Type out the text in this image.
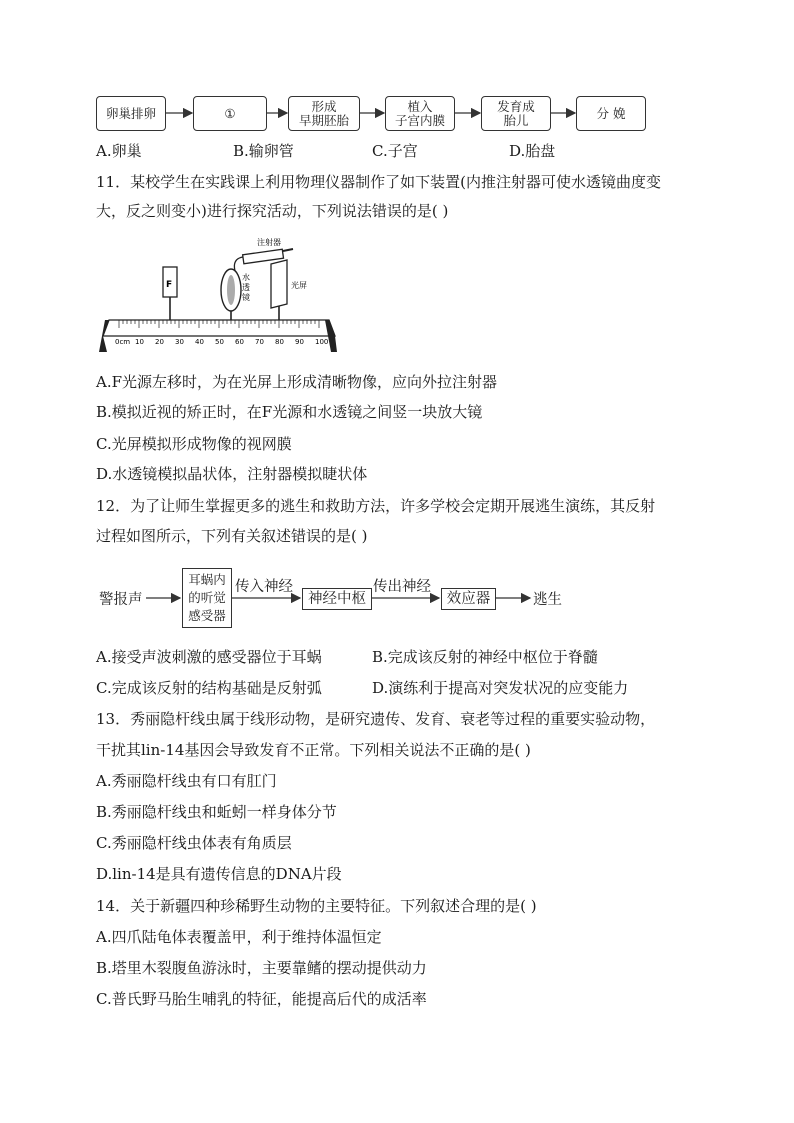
卵巢排卵	①	形成
早期胚胎
植入
子宫内膜
发育成
胎儿	分 娩
A.卵巢	B.输卵管	C.子宫	D.胎盘
11．某校学生在实践课上利用物理仪器制作了如下装置(内推注射器可使水透镜曲度变
大，反之则变小)进行探究活动，下列说法错误的是( )
注射器
F
水
透
镜
光屏
10 20 30 40 50 60 70 80 90 100
0cm
A.F光源左移时，为在光屏上形成清晰物像，应向外拉注射器
B.模拟近视的矫正时，在F光源和水透镜之间竖一块放大镜
C.光屏模拟形成物像的视网膜
D.水透镜模拟晶状体，注射器模拟睫状体
12．为了让师生掌握更多的逃生和救助方法，许多学校会定期开展逃生演练，其反射
过程如图所示，下列有关叙述错误的是( )
警报声
耳蜗内
的听觉
感受器
传入神经
神经中枢
传出神经
效应器	逃生
A.接受声波刺激的感受器位于耳蜗	B.完成该反射的神经中枢位于脊髓
C.完成该反射的结构基础是反射弧	D.演练利于提高对突发状况的应变能力
13．秀丽隐杆线虫属于线形动物，是研究遗传、发育、衰老等过程的重要实验动物，
干扰其lin-14基因会导致发育不正常。下列相关说法不正确的是( )
A.秀丽隐杆线虫有口有肛门
B.秀丽隐杆线虫和蚯蚓一样身体分节
C.秀丽隐杆线虫体表有角质层
D.lin-14是具有遗传信息的DNA片段
14．关于新疆四种珍稀野生动物的主要特征。下列叙述合理的是( )
A.四爪陆龟体表覆盖甲，利于维持体温恒定
B.塔里木裂腹鱼游泳时，主要靠鳍的摆动提供动力
C.普氏野马胎生哺乳的特征，能提高后代的成活率
